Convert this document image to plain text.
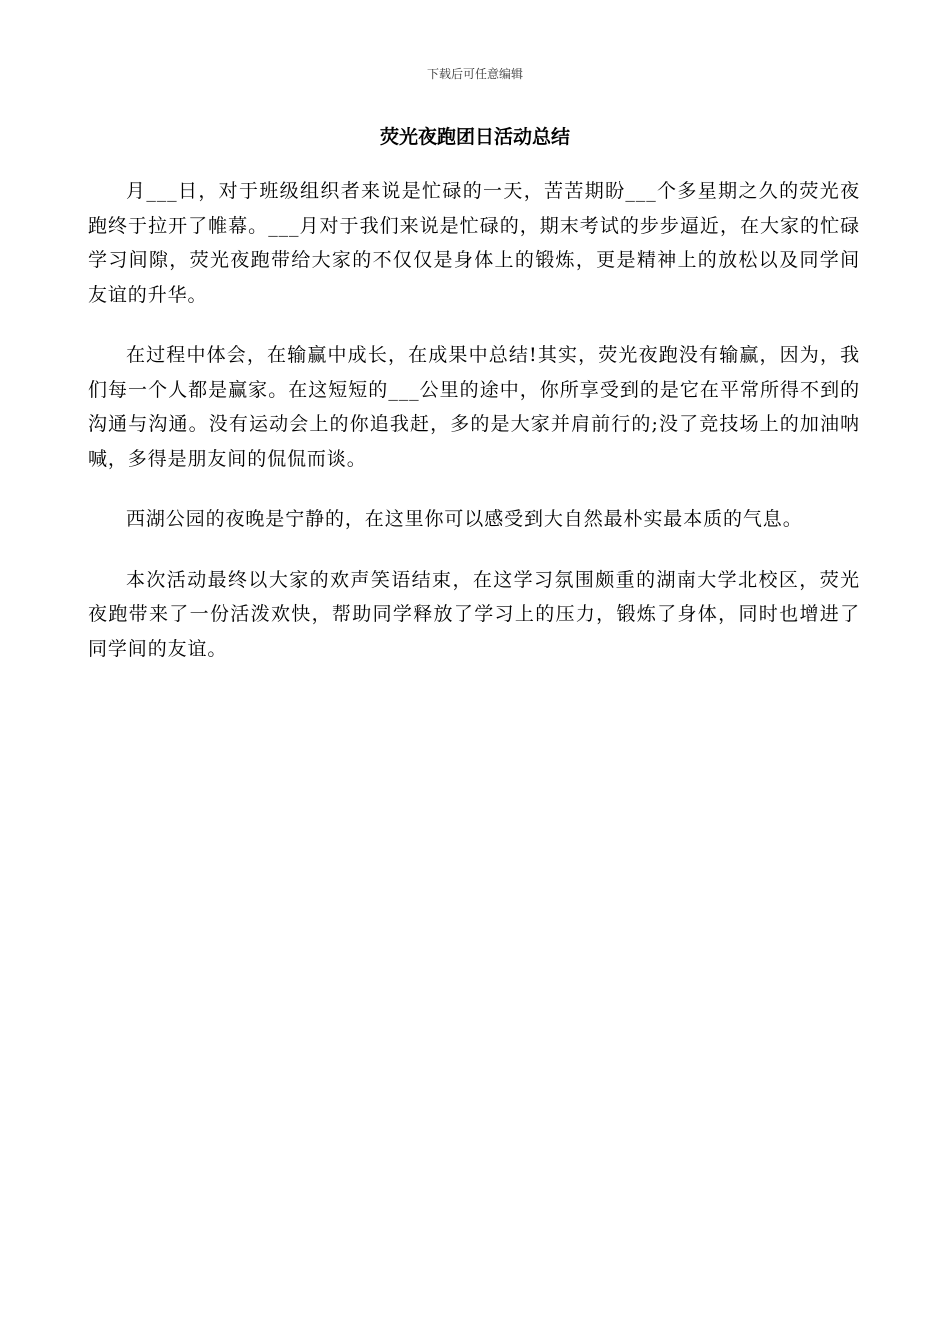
下载后可任意编辑
荧光夜跑团日活动总结

月___日，对于班级组织者来说是忙碌的一天，苦苦期盼___个多星期之久的荧光夜跑终于拉开了帷幕。___月对于我们来说是忙碌的，期末考试的步步逼近，在大家的忙碌学习间隙，荧光夜跑带给大家的不仅仅是身体上的锻炼，更是精神上的放松以及同学间友谊的升华。

在过程中体会，在输赢中成长，在成果中总结!其实，荧光夜跑没有输赢，因为，我们每一个人都是赢家。在这短短的___公里的途中，你所享受到的是它在平常所得不到的沟通与沟通。没有运动会上的你追我赶，多的是大家并肩前行的;没了竞技场上的加油呐喊，多得是朋友间的侃侃而谈。

西湖公园的夜晚是宁静的，在这里你可以感受到大自然最朴实最本质的气息。

本次活动最终以大家的欢声笑语结束，在这学习氛围颇重的湖南大学北校区，荧光夜跑带来了一份活泼欢快，帮助同学释放了学习上的压力，锻炼了身体，同时也增进了同学间的友谊。
